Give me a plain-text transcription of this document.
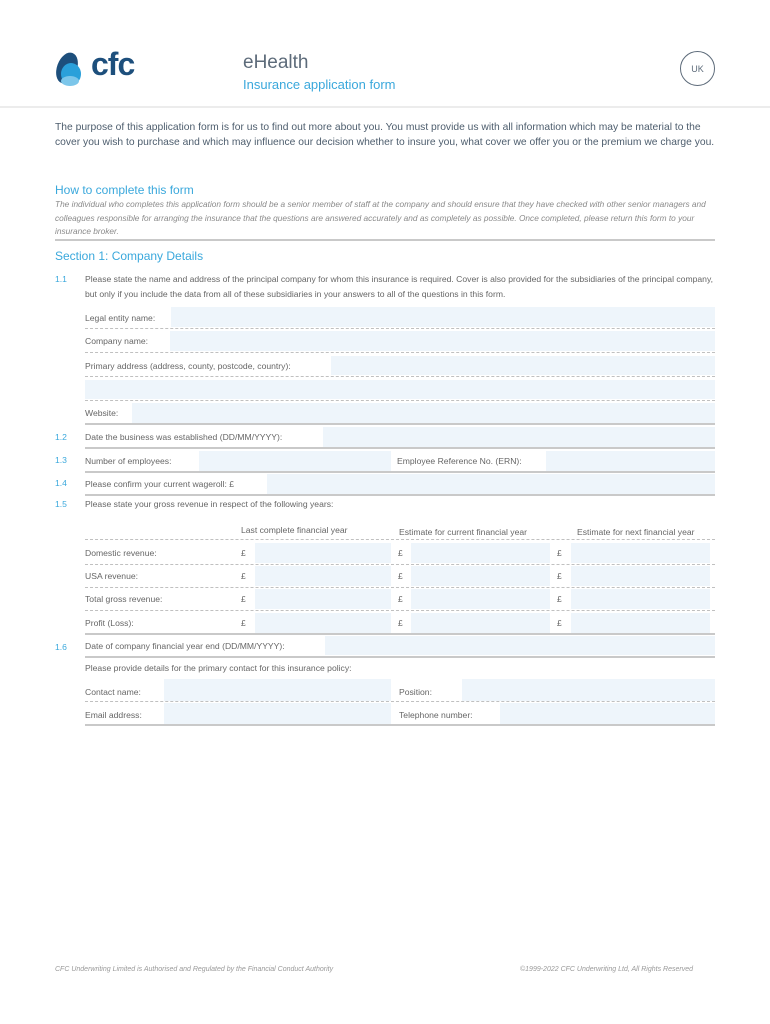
cfc	eHealth
Insurance application form
UK
The purpose of this application form is for us to find out more about you. You must provide us with all information which may be material to the cover you wish to purchase and which may influence our decision whether to insure you, what cover we offer you or the premium we charge you.
How to complete this form
The individual who completes this application form should be a senior member of staff at the company and should ensure that they have checked with other senior managers and colleagues responsible for arranging the insurance that the questions are answered accurately and as completely as possible. Once completed, please return this form to your insurance broker.
Section 1: Company Details
1.1 Please state the name and address of the principal company for whom this insurance is required. Cover is also provided for the subsidiaries of the principal company, but only if you include the data from all of these subsidiaries in your answers to all of the questions in this form.
Legal entity name:
Company name:
Primary address (address, county, postcode, country):
Website:
1.2 Date the business was established (DD/MM/YYYY):
1.3 Number of employees:	Employee Reference No. (ERN):
1.4 Please confirm your current wageroll: £
1.5 Please state your gross revenue in respect of the following years:
Last complete financial year	Estimate for current financial year	Estimate for next financial year
Domestic revenue:	£	£	£
USA revenue:	£	£	£
Total gross revenue:	£	£	£
Profit (Loss):	£	£	£
1.6 Date of company financial year end (DD/MM/YYYY):
Please provide details for the primary contact for this insurance policy:
Contact name:	Position:
Email address:	Telephone number:
CFC Underwriting Limited is Authorised and Regulated by the Financial Conduct Authority	©1999-2022 CFC Underwriting Ltd, All Rights Reserved
